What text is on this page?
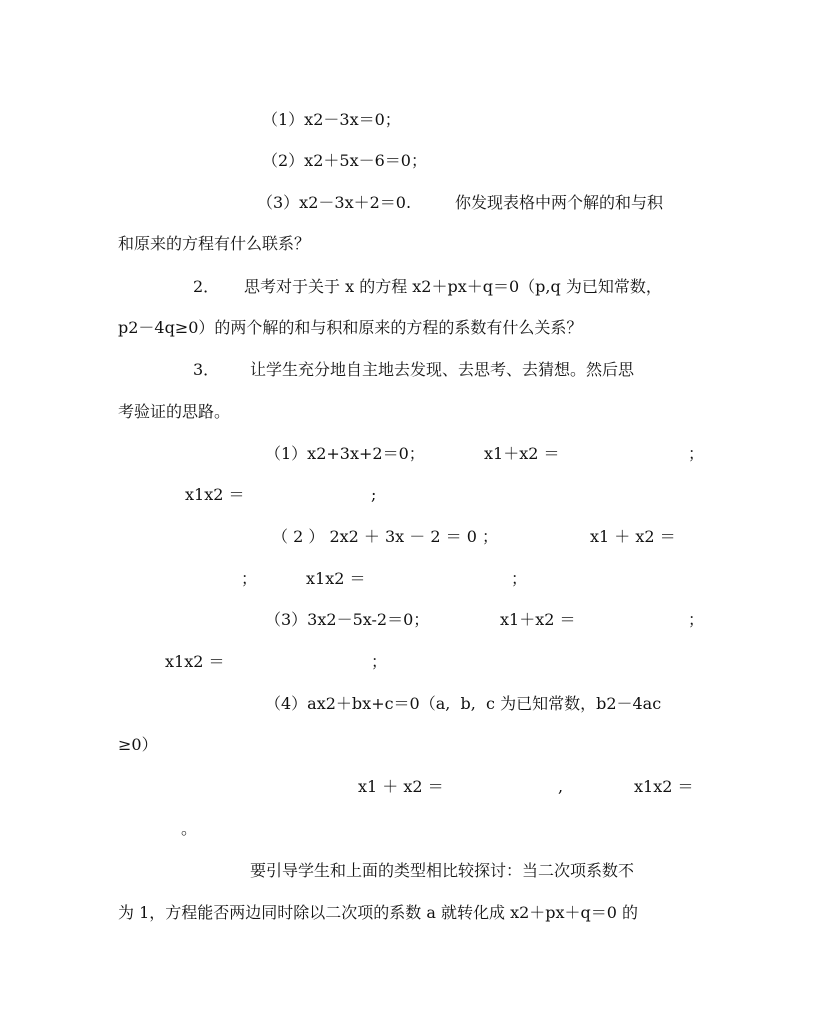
（1）x2－3x＝0；
（2）x2＋5x－6＝0；
（3）x2－3x＋2＝0.	你发现表格中两个解的和与积
和原来的方程有什么联系？
2． 思考对于关于 x 的方程 x2＋px＋q＝0（p,q 为已知常数，
p2－4q≥0）的两个解的和与积和原来的方程的系数有什么关系？
3． 让学生充分地自主地去发现、去思考、去猜想。然后思
考验证的思路。
（1）x2+3x+2＝0；	x1＋x2 ＝	；
x1x2 ＝	;
（ 2 ） 2x2 ＋ 3x － 2 ＝ 0 ；	x1 ＋ x2 ＝
；	x1x2 ＝	；
（3）3x2－5x-2＝0；	x1＋x2 ＝	；
x1x2 ＝	；
（4）ax2＋bx+c＝0（a,  b,  c 为已知常数，b2－4ac
≥0）
x1 ＋ x2 ＝	,	x1x2 ＝
。
要引导学生和上面的类型相比较探讨：当二次项系数不
为 1，方程能否两边同时除以二次项的系数 a 就转化成 x2＋px＋q＝0 的
